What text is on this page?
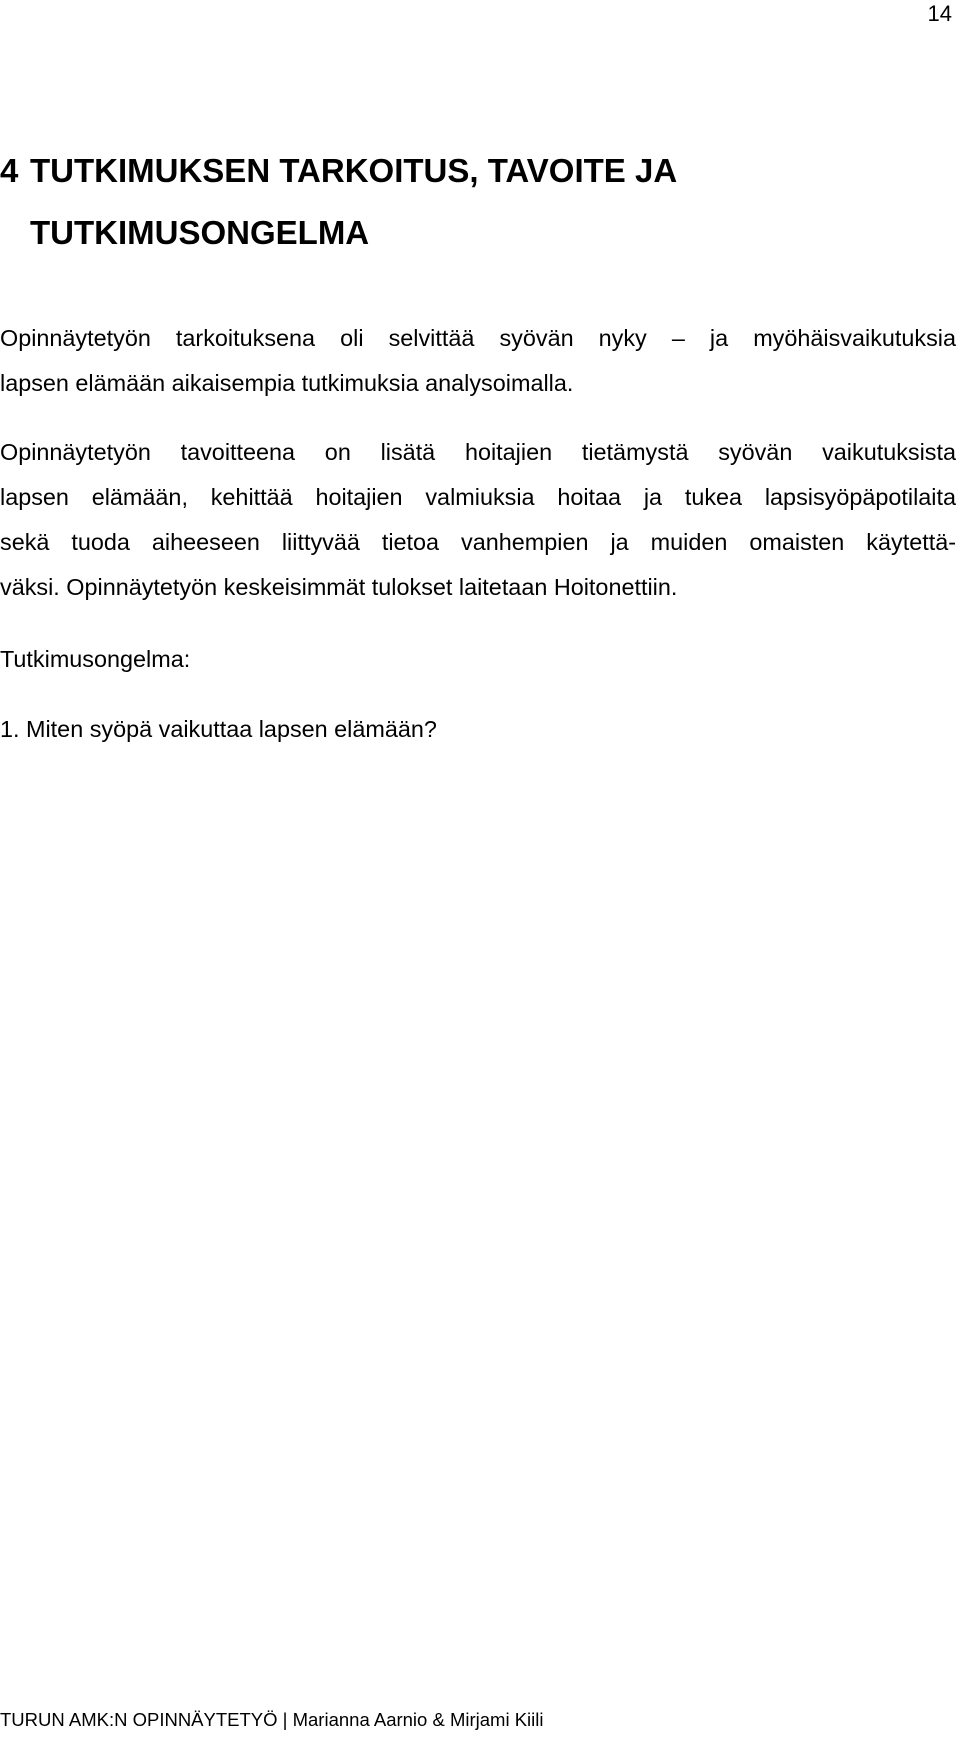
14
4 TUTKIMUKSEN TARKOITUS, TAVOITE JA
TUTKIMUSONGELMA

Opinnäytetyön tarkoituksena oli selvittää syövän nyky – ja myöhäisvaikutuksia
lapsen elämään aikaisempia tutkimuksia analysoimalla.

Opinnäytetyön tavoitteena on lisätä hoitajien tietämystä syövän vaikutuksista
lapsen elämään, kehittää hoitajien valmiuksia hoitaa ja tukea lapsisyöpäpotilaita
sekä tuoda aiheeseen liittyvää tietoa vanhempien ja muiden omaisten käytettä-
väksi. Opinnäytetyön keskeisimmät tulokset laitetaan Hoitonettiin.

Tutkimusongelma:

1. Miten syöpä vaikuttaa lapsen elämään?

TURUN AMK:N OPINNÄYTETYÖ | Marianna Aarnio & Mirjami Kiili
